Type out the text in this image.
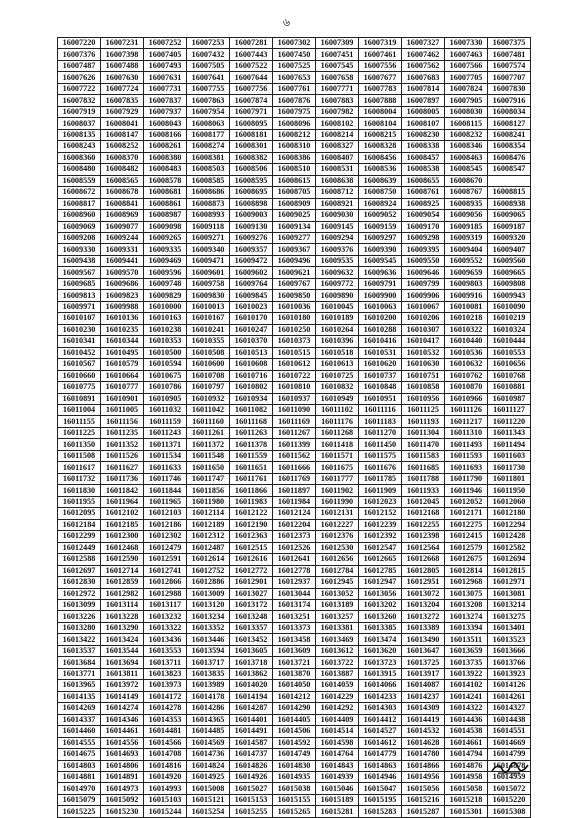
৬
16007220	16007231	16007252	16007253	16007281	16007302	16007309	16007319	16007327	16007330	16007375
16007376	16007398	16007405	16007432	16007443	16007450	16007451	16007461	16007462	16007463	16007481
16007487	16007488	16007493	16007505	16007522	16007525	16007545	16007556	16007562	16007566	16007574
16007626	16007630	16007631	16007641	16007644	16007653	16007658	16007677	16007683	16007705	16007707
16007722	16007724	16007731	16007755	16007756	16007761	16007771	16007783	16007814	16007824	16007830
16007832	16007835	16007837	16007863	16007874	16007876	16007883	16007888	16007897	16007905	16007916
16007919	16007929	16007937	16007954	16007971	16007975	16007982	16008004	16008005	16008030	16008034
16008037	16008041	16008043	16008063	16008095	16008096	16008102	16008104	16008107	16008115	16008127
16008135	16008147	16008166	16008177	16008181	16008212	16008214	16008215	16008230	16008232	16008241
16008243	16008252	16008261	16008274	16008301	16008310	16008327	16008328	16008338	16008346	16008354
16008360	16008370	16008380	16008381	16008382	16008386	16008407	16008456	16008457	16008463	16008476
16008480	16008482	16008483	16008503	16008506	16008510	16008531	16008536	16008538	16008545	16008547
16008559	16008565	16008578	16008585	16008595	16008615	16008638	16008639	16008655	16008670	
16008672	16008678	16008681	16008686	16008695	16008705	16008712	16008750	16008761	16008767	16008815
16008817	16008841	16008861	16008873	16008898	16008909	16008921	16008924	16008925	16008935	16008938
16008960	16008969	16008987	16008993	16009003	16009025	16009030	16009052	16009054	16009056	16009065
16009069	16009077	16009098	16009118	16009130	16009134	16009145	16009159	16009170	16009185	16009187
16009208	16009244	16009265	16009271	16009276	16009277	16009294	16009297	16009298	16009319	16009320
16009330	16009331	16009335	16009340	16009357	16009367	16009376	16009390	16009395	16009404	16009407
16009438	16009441	16009469	16009471	16009472	16009496	16009535	16009545	16009550	16009552	16009560
16009567	16009570	16009596	16009601	16009602	16009621	16009632	16009636	16009646	16009659	16009665
16009685	16009686	16009748	16009758	16009764	16009767	16009772	16009791	16009799	16009803	16009808
16009813	16009823	16009829	16009830	16009845	16009850	16009890	16009900	16009906	16009916	16009943
16009971	16009988	16010000	16010013	16010023	16010036	16010045	16010063	16010067	16010081	16010090
16010107	16010136	16010163	16010167	16010170	16010180	16010189	16010200	16010206	16010218	16010219
16010230	16010235	16010238	16010241	16010247	16010250	16010264	16010288	16010307	16010322	16010324
16010341	16010344	16010353	16010355	16010370	16010373	16010396	16010416	16010417	16010440	16010444
16010452	16010495	16010500	16010508	16010513	16010515	16010518	16010531	16010532	16010536	16010553
16010567	16010579	16010594	16010600	16010608	16010612	16010613	16010620	16010630	16010632	16010656
16010660	16010664	16010675	16010708	16010716	16010722	16010725	16010737	16010751	16010762	16010768
16010775	16010777	16010786	16010797	16010802	16010810	16010832	16010848	16010858	16010870	16010881
16010891	16010901	16010905	16010932	16010934	16010937	16010949	16010951	16010956	16010966	16010987
16011004	16011005	16011032	16011042	16011082	16011090	16011102	16011116	16011125	16011126	16011127
16011155	16011156	16011159	16011160	16011168	16011169	16011176	16011183	16011193	16011217	16011220
16011225	16011235	16011243	16011261	16011263	16011267	16011268	16011270	16011304	16011310	16011343
16011350	16011352	16011371	16011372	16011378	16011399	16011418	16011450	16011470	16011493	16011494
16011508	16011526	16011534	16011548	16011559	16011562	16011571	16011575	16011583	16011593	16011603
16011617	16011627	16011633	16011650	16011651	16011666	16011675	16011676	16011685	16011693	16011730
16011732	16011736	16011746	16011747	16011761	16011769	16011777	16011785	16011788	16011790	16011801
16011830	16011842	16011844	16011856	16011866	16011897	16011902	16011909	16011933	16011946	16011950
16011955	16011964	16011965	16011980	16011983	16011984	16011990	16012023	16012045	16012052	16012060
16012095	16012102	16012103	16012114	16012122	16012124	16012131	16012152	16012168	16012171	16012180
16012184	16012185	16012186	16012189	16012190	16012204	16012227	16012239	16012255	16012275	16012294
16012299	16012300	16012302	16012312	16012363	16012373	16012376	16012392	16012398	16012415	16012428
16012449	16012468	16012479	16012487	16012515	16012526	16012530	16012547	16012564	16012579	16012582
16012588	16012590	16012591	16012614	16012616	16012641	16012656	16012665	16012668	16012675	16012694
16012697	16012714	16012741	16012752	16012772	16012778	16012784	16012785	16012805	16012814	16012815
16012830	16012859	16012866	16012886	16012901	16012937	16012945	16012947	16012951	16012968	16012971
16012972	16012982	16012988	16013009	16013027	16013044	16013052	16013056	16013072	16013075	16013081
16013099	16013114	16013117	16013120	16013172	16013174	16013189	16013202	16013204	16013208	16013214
16013226	16013228	16013232	16013234	16013248	16013251	16013257	16013260	16013272	16013274	16013275
16013280	16013290	16013322	16013352	16013357	16013373	16013381	16013385	16013389	16013394	16013401
16013422	16013424	16013436	16013446	16013452	16013458	16013469	16013474	16013490	16013511	16013523
16013537	16013544	16013553	16013594	16013605	16013609	16013612	16013620	16013647	16013659	16013666
16013684	16013694	16013711	16013717	16013718	16013721	16013722	16013723	16013725	16013735	16013766
16013771	16013811	16013823	16013835	16013862	16013870	16013887	16013915	16013917	16013922	16013923
16013965	16013972	16013973	16013989	16014020	16014050	16014059	16014066	16014087	16014102	16014126
16014135	16014149	16014172	16014178	16014194	16014212	16014229	16014233	16014237	16014241	16014261
16014269	16014274	16014278	16014286	16014287	16014290	16014292	16014303	16014309	16014322	16014327
16014337	16014346	16014353	16014365	16014401	16014405	16014409	16014412	16014419	16014436	16014438
16014460	16014461	16014481	16014485	16014491	16014506	16014514	16014527	16014532	16014538	16014551
16014555	16014556	16014566	16014569	16014587	16014592	16014598	16014612	16014628	16014661	16014669
16014675	16014693	16014708	16014736	16014737	16014749	16014764	16014779	16014780	16014794	16014799
16014803	16014806	16014816	16014824	16014826	16014830	16014843	16014863	16014866	16014876	16014878
16014881	16014891	16014920	16014925	16014926	16014935	16014939	16014946	16014956	16014958	16014959
16014970	16014973	16014993	16015008	16015027	16015038	16015046	16015047	16015056	16015058	16015072
16015079	16015092	16015103	16015121	16015153	16015155	16015189	16015195	16015216	16015218	16015220
16015225	16015230	16015244	16015254	16015255	16015265	16015281	16015283	16015287	16015301	16015308
